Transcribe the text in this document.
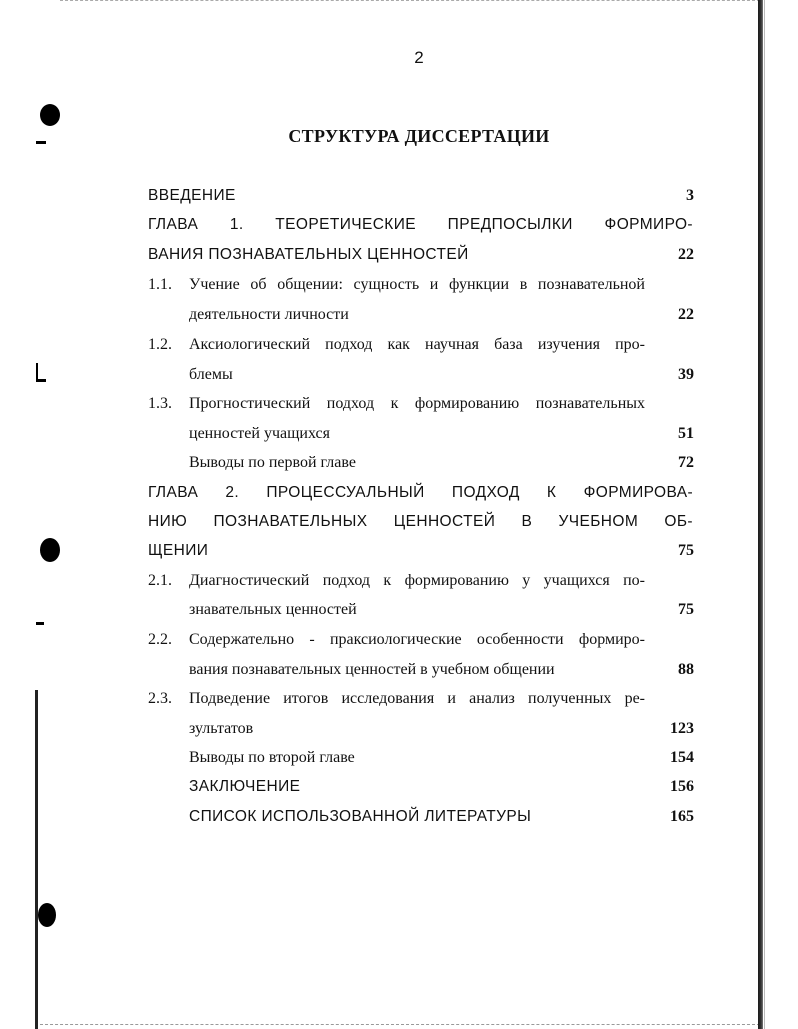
2
СТРУКТУРА ДИССЕРТАЦИИ
ВВЕДЕНИЕ	3
ГЛАВА 1. ТЕОРЕТИЧЕСКИЕ ПРЕДПОСЫЛКИ ФОРМИРО-
ВАНИЯ ПОЗНАВАТЕЛЬНЫХ ЦЕННОСТЕЙ	22
1.1. Учение об общении: сущность и функции в познавательной
деятельности личности	22
1.2. Аксиологический подход как научная база изучения про-
блемы	39
1.3. Прогностический подход к формированию познавательных
ценностей учащихся	51
Выводы по первой главе	72
ГЛАВА 2. ПРОЦЕССУАЛЬНЫЙ ПОДХОД К ФОРМИРОВА-
НИЮ ПОЗНАВАТЕЛЬНЫХ ЦЕННОСТЕЙ В УЧЕБНОМ ОБ-
ЩЕНИИ	75
2.1. Диагностический подход к формированию у учащихся по-
знавательных ценностей	75
2.2. Содержательно - праксиологические особенности формиро-
вания познавательных ценностей в учебном общении	88
2.3. Подведение итогов исследования и анализ полученных ре-
зультатов	123
Выводы по второй главе	154
ЗАКЛЮЧЕНИЕ	156
СПИСОК ИСПОЛЬЗОВАННОЙ ЛИТЕРАТУРЫ	165
